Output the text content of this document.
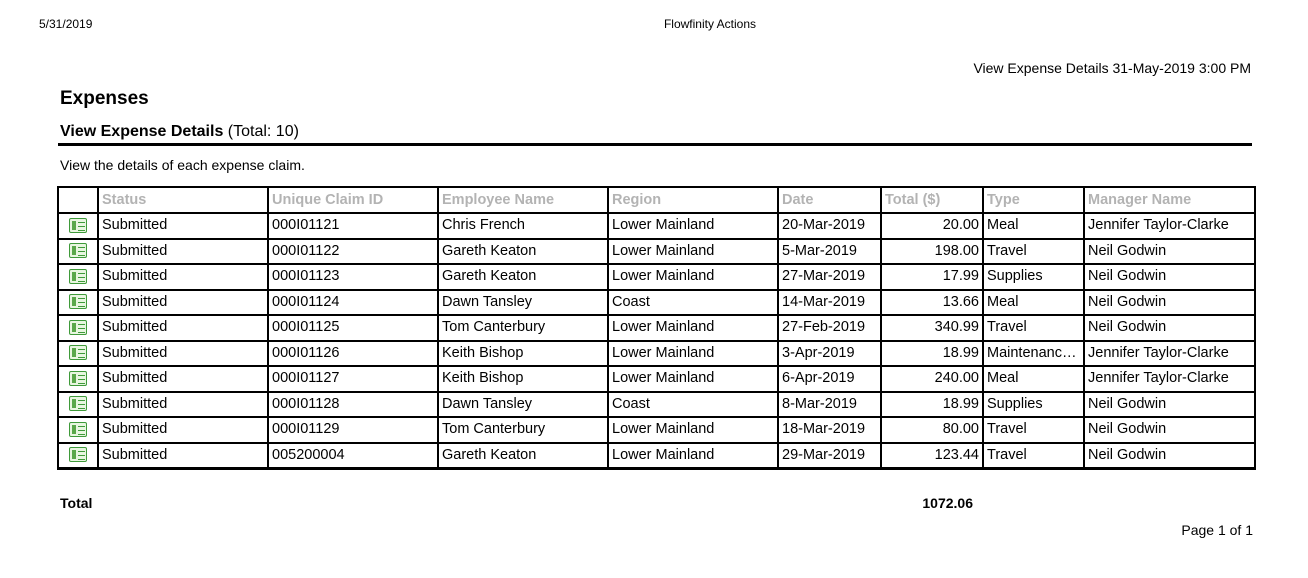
5/31/2019	Flowfinity Actions
View Expense Details 31-May-2019 3:00 PM
Expenses
View Expense Details (Total: 10)
View the details of each expense claim.
	Status	Unique Claim ID	Employee Name	Region	Date	Total ($)	Type	Manager Name
	Submitted	000I01121	Chris French	Lower Mainland	20-Mar-2019	20.00	Meal	Jennifer Taylor-Clarke
	Submitted	000I01122	Gareth Keaton	Lower Mainland	5-Mar-2019	198.00	Travel	Neil Godwin
	Submitted	000I01123	Gareth Keaton	Lower Mainland	27-Mar-2019	17.99	Supplies	Neil Godwin
	Submitted	000I01124	Dawn Tansley	Coast	14-Mar-2019	13.66	Meal	Neil Godwin
	Submitted	000I01125	Tom Canterbury	Lower Mainland	27-Feb-2019	340.99	Travel	Neil Godwin
	Submitted	000I01126	Keith Bishop	Lower Mainland	3-Apr-2019	18.99	Maintenanc…	Jennifer Taylor-Clarke
	Submitted	000I01127	Keith Bishop	Lower Mainland	6-Apr-2019	240.00	Meal	Jennifer Taylor-Clarke
	Submitted	000I01128	Dawn Tansley	Coast	8-Mar-2019	18.99	Supplies	Neil Godwin
	Submitted	000I01129	Tom Canterbury	Lower Mainland	18-Mar-2019	80.00	Travel	Neil Godwin
	Submitted	005200004	Gareth Keaton	Lower Mainland	29-Mar-2019	123.44	Travel	Neil Godwin
Total	1072.06
Page 1 of 1
